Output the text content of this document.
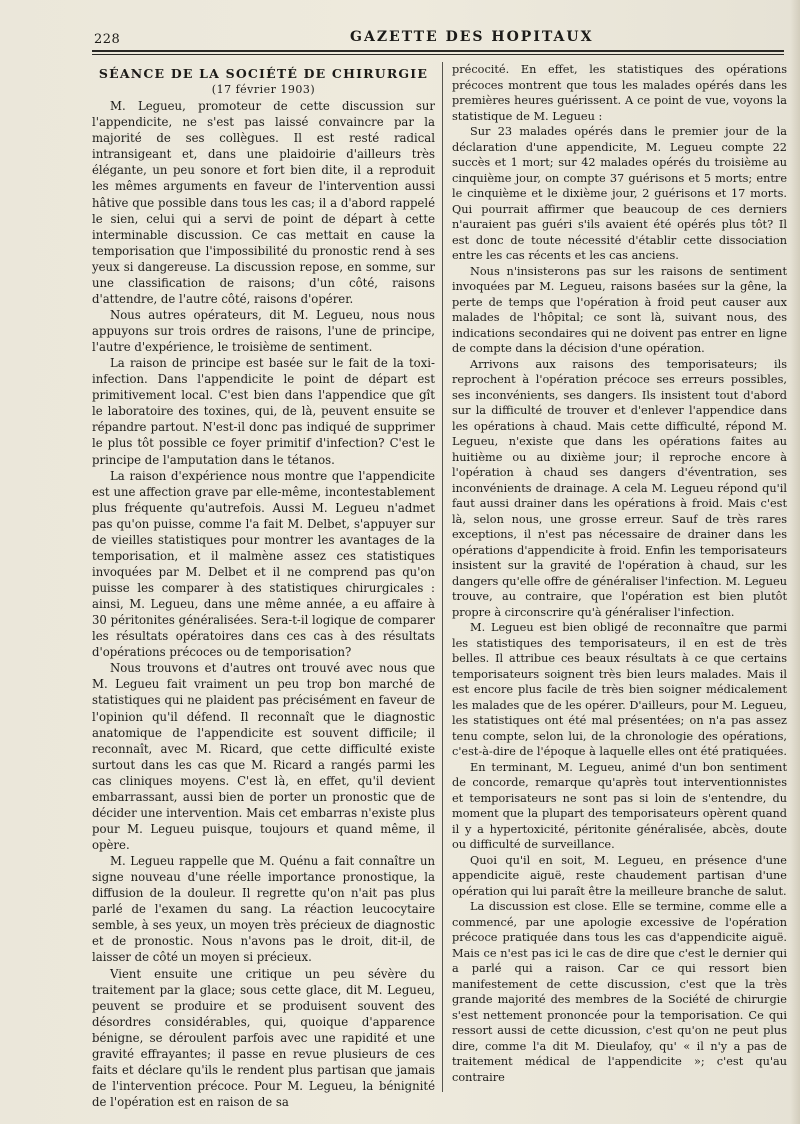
228	GAZETTE DES HOPITAUX

SÉANCE DE LA SOCIÉTÉ DE CHIRURGIE

(17 février 1903)

M. Legueu, promoteur de cette discussion sur l'appendicite, ne s'est pas laissé convaincre par la majorité de ses collègues. Il est resté radical intransigeant et, dans une plaidoirie d'ailleurs très élégante, un peu sonore et fort bien dite, il a reproduit les mêmes arguments en faveur de l'intervention aussi hâtive que possible dans tous les cas; il a d'abord rappelé le sien, celui qui a servi de point de départ à cette interminable discussion. Ce cas mettait en cause la temporisation que l'impossibilité du pronostic rend à ses yeux si dangereuse. La discussion repose, en somme, sur une classification de raisons; d'un côté, raisons d'attendre, de l'autre côté, raisons d'opérer.

Nous autres opérateurs, dit M. Legueu, nous nous appuyons sur trois ordres de raisons, l'une de principe, l'autre d'expérience, le troisième de sentiment.

La raison de principe est basée sur le fait de la toxi-infection. Dans l'appendicite le point de départ est primitivement local. C'est bien dans l'appendice que gît le laboratoire des toxines, qui, de là, peuvent ensuite se répandre partout. N'est-il donc pas indiqué de supprimer le plus tôt possible ce foyer primitif d'infection? C'est le principe de l'amputation dans le tétanos.

La raison d'expérience nous montre que l'appendicite est une affection grave par elle-même, incontestablement plus fréquente qu'autrefois. Aussi M. Legueu n'admet pas qu'on puisse, comme l'a fait M. Delbet, s'appuyer sur de vieilles statistiques pour montrer les avantages de la temporisation, et il malmène assez ces statistiques invoquées par M. Delbet et il ne comprend pas qu'on puisse les comparer à des statistiques chirurgicales : ainsi, M. Legueu, dans une même année, a eu affaire à 30 péritonites généralisées. Sera-t-il logique de comparer les résultats opératoires dans ces cas à des résultats d'opérations précoces ou de temporisation?

Nous trouvons et d'autres ont trouvé avec nous que M. Legueu fait vraiment un peu trop bon marché de statistiques qui ne plaident pas précisément en faveur de l'opinion qu'il défend. Il reconnaît que le diagnostic anatomique de l'appendicite est souvent difficile; il reconnaît, avec M. Ricard, que cette difficulté existe surtout dans les cas que M. Ricard a rangés parmi les cas cliniques moyens. C'est là, en effet, qu'il devient embarrassant, aussi bien de porter un pronostic que de décider une intervention. Mais cet embarras n'existe plus pour M. Legueu puisque, toujours et quand même, il opère.

M. Legueu rappelle que M. Quénu a fait connaître un signe nouveau d'une réelle importance pronostique, la diffusion de la douleur. Il regrette qu'on n'ait pas plus parlé de l'examen du sang. La réaction leucocytaire semble, à ses yeux, un moyen très précieux de diagnostic et de pronostic. Nous n'avons pas le droit, dit-il, de laisser de côté un moyen si précieux.

Vient ensuite une critique un peu sévère du traitement par la glace; sous cette glace, dit M. Legueu, peuvent se produire et se produisent souvent des désordres considérables, qui, quoique d'apparence bénigne, se déroulent parfois avec une rapidité et une gravité effrayantes; il passe en revue plusieurs de ces faits et déclare qu'ils le rendent plus partisan que jamais de l'intervention précoce. Pour M. Legueu, la bénignité de l'opération est en raison de sa

précocité. En effet, les statistiques des opérations précoces montrent que tous les malades opérés dans les premières heures guérissent. A ce point de vue, voyons la statistique de M. Legueu :

Sur 23 malades opérés dans le premier jour de la déclaration d'une appendicite, M. Legueu compte 22 succès et 1 mort; sur 42 malades opérés du troisième au cinquième jour, on compte 37 guérisons et 5 morts; entre le cinquième et le dixième jour, 2 guérisons et 17 morts. Qui pourrait affirmer que beaucoup de ces derniers n'auraient pas guéri s'ils avaient été opérés plus tôt? Il est donc de toute nécessité d'établir cette dissociation entre les cas récents et les cas anciens.

Nous n'insisterons pas sur les raisons de sentiment invoquées par M. Legueu, raisons basées sur la gêne, la perte de temps que l'opération à froid peut causer aux malades de l'hôpital; ce sont là, suivant nous, des indications secondaires qui ne doivent pas entrer en ligne de compte dans la décision d'une opération.

Arrivons aux raisons des temporisateurs; ils reprochent à l'opération précoce ses erreurs possibles, ses inconvénients, ses dangers. Ils insistent tout d'abord sur la difficulté de trouver et d'enlever l'appendice dans les opérations à chaud. Mais cette difficulté, répond M. Legueu, n'existe que dans les opérations faites au huitième ou au dixième jour; il reproche encore à l'opération à chaud ses dangers d'éventration, ses inconvénients de drainage. A cela M. Legueu répond qu'il faut aussi drainer dans les opérations à froid. Mais c'est là, selon nous, une grosse erreur. Sauf de très rares exceptions, il n'est pas nécessaire de drainer dans les opérations d'appendicite à froid. Enfin les temporisateurs insistent sur la gravité de l'opération à chaud, sur les dangers qu'elle offre de généraliser l'infection. M. Legueu trouve, au contraire, que l'opération est bien plutôt propre à circonscrire qu'à généraliser l'infection.

M. Legueu est bien obligé de reconnaître que parmi les statistiques des temporisateurs, il en est de très belles. Il attribue ces beaux résultats à ce que certains temporisateurs soignent très bien leurs malades. Mais il est encore plus facile de très bien soigner médicalement les malades que de les opérer. D'ailleurs, pour M. Legueu, les statistiques ont été mal présentées; on n'a pas assez tenu compte, selon lui, de la chronologie des opérations, c'est-à-dire de l'époque à laquelle elles ont été pratiquées.

En terminant, M. Legueu, animé d'un bon sentiment de concorde, remarque qu'après tout interventionnistes et temporisateurs ne sont pas si loin de s'entendre, du moment que la plupart des temporisateurs opèrent quand il y a hypertoxicité, péritonite généralisée, abcès, doute ou difficulté de surveillance.

Quoi qu'il en soit, M. Legueu, en présence d'une appendicite aiguë, reste chaudement partisan d'une opération qui lui paraît être la meilleure branche de salut.

La discussion est close. Elle se termine, comme elle a commencé, par une apologie excessive de l'opération précoce pratiquée dans tous les cas d'appendicite aiguë. Mais ce n'est pas ici le cas de dire que c'est le dernier qui a parlé qui a raison. Car ce qui ressort bien manifestement de cette discussion, c'est que la très grande majorité des membres de la Société de chirurgie s'est nettement prononcée pour la temporisation. Ce qui ressort aussi de cette dicussion, c'est qu'on ne peut plus dire, comme l'a dit M. Dieulafoy, qu' « il n'y a pas de traitement médical de l'appendicite »; c'est qu'au contraire
